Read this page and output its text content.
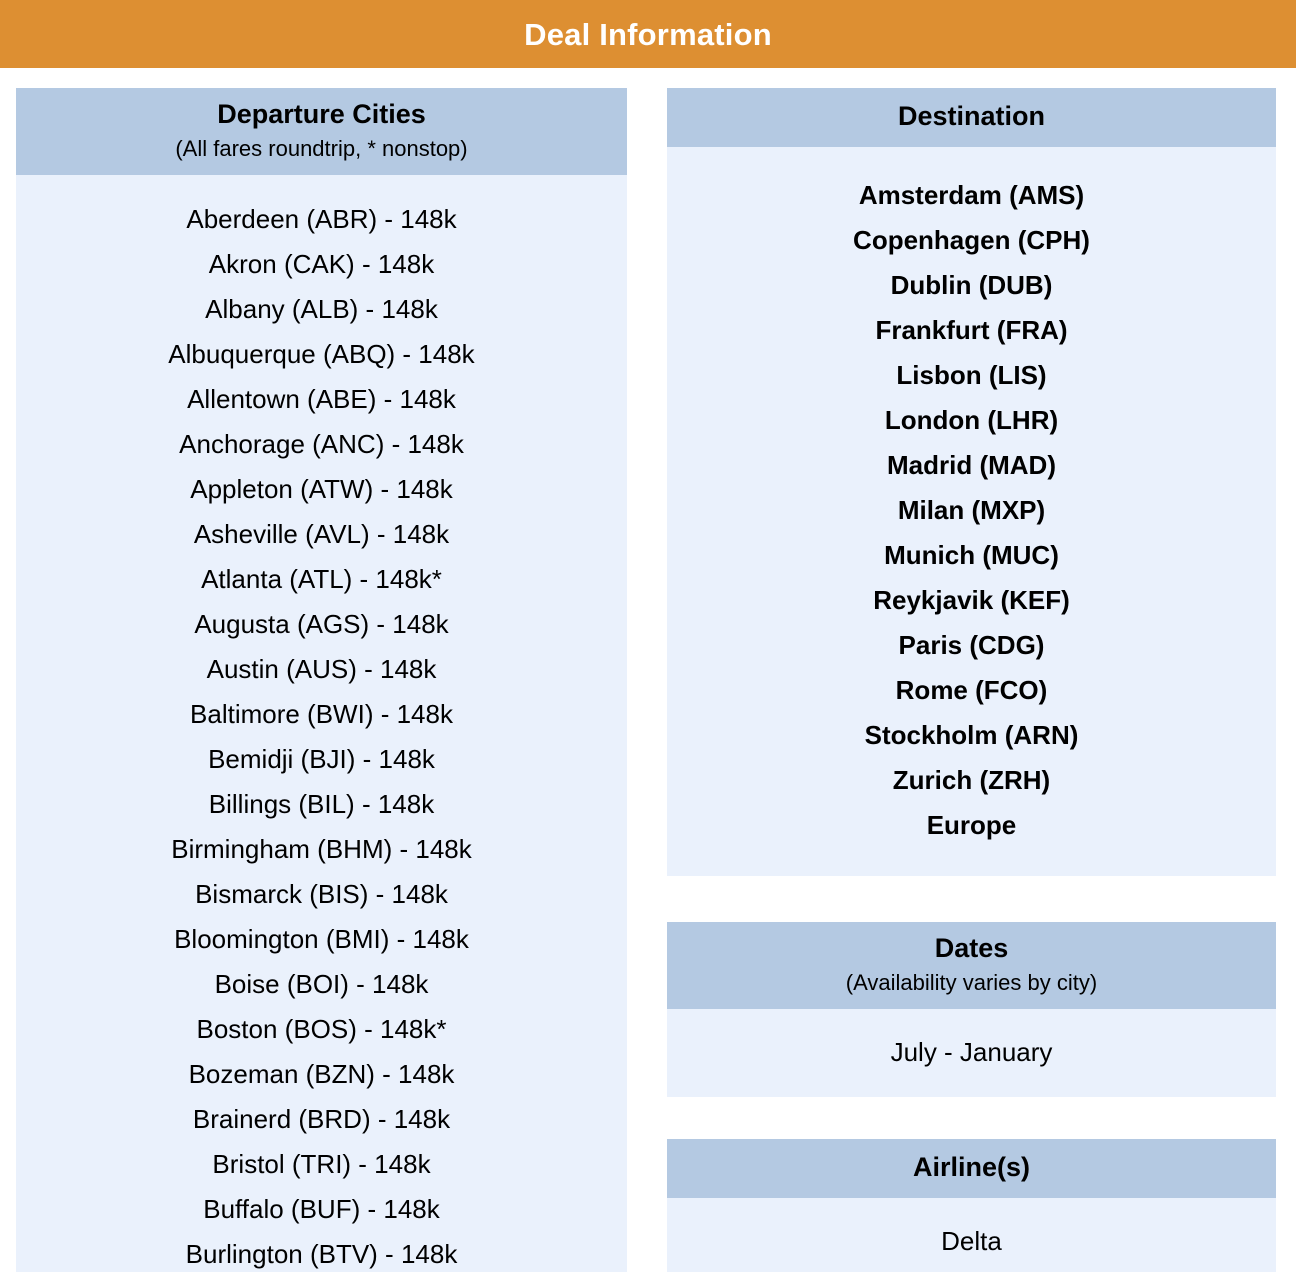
Deal Information
Departure Cities
(All fares roundtrip, * nonstop)
Aberdeen (ABR) - 148k
Akron (CAK) - 148k
Albany (ALB) - 148k
Albuquerque (ABQ) - 148k
Allentown (ABE) - 148k
Anchorage (ANC) - 148k
Appleton (ATW) - 148k
Asheville (AVL) - 148k
Atlanta (ATL) - 148k*
Augusta (AGS) - 148k
Austin (AUS) - 148k
Baltimore (BWI) - 148k
Bemidji (BJI) - 148k
Billings (BIL) - 148k
Birmingham (BHM) - 148k
Bismarck (BIS) - 148k
Bloomington (BMI) - 148k
Boise (BOI) - 148k
Boston (BOS) - 148k*
Bozeman (BZN) - 148k
Brainerd (BRD) - 148k
Bristol (TRI) - 148k
Buffalo (BUF) - 148k
Burlington (BTV) - 148k
Destination
Amsterdam (AMS)
Copenhagen (CPH)
Dublin (DUB)
Frankfurt (FRA)
Lisbon (LIS)
London (LHR)
Madrid (MAD)
Milan (MXP)
Munich (MUC)
Reykjavik (KEF)
Paris (CDG)
Rome (FCO)
Stockholm (ARN)
Zurich (ZRH)
Europe
Dates
(Availability varies by city)
July - January
Airline(s)
Delta
